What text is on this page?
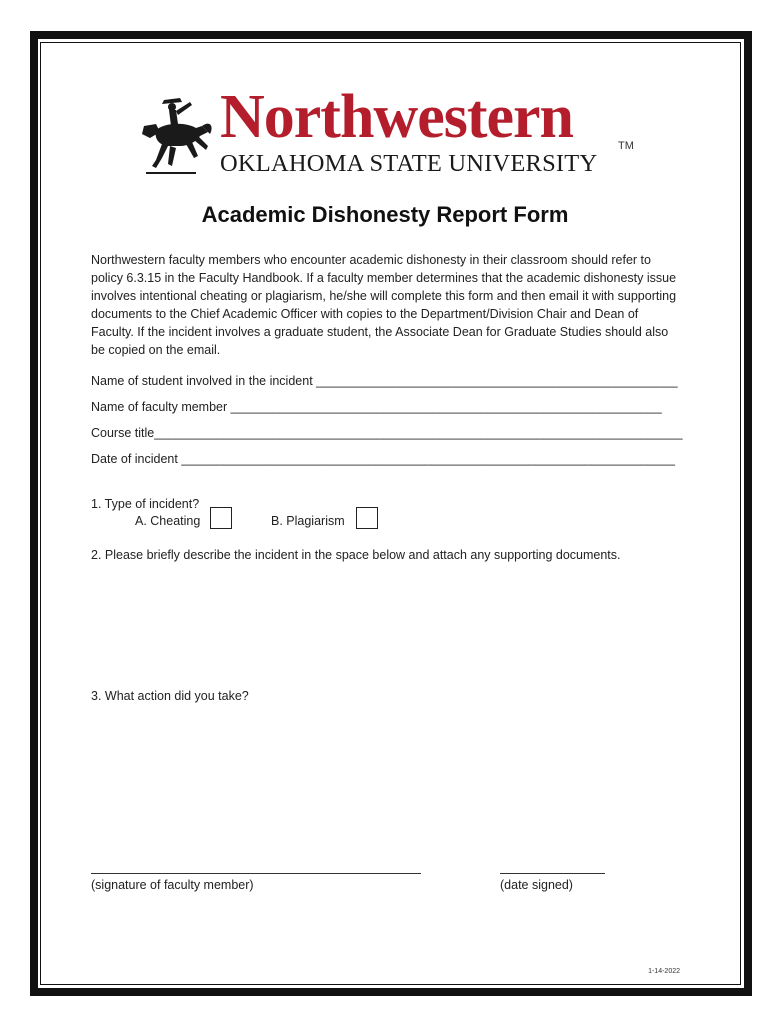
Northwestern	TM
OKLAHOMA STATE UNIVERSITY
Academic Dishonesty Report Form
Northwestern faculty members who encounter academic dishonesty in their classroom should refer to policy 6.3.15 in the Faculty Handbook. If a faculty member determines that the academic dishonesty issue involves intentional cheating or plagiarism, he/she will complete this form and then email it with supporting documents to the Chief Academic Officer with copies to the Department/Division Chair and Dean of Faculty. If the incident involves a graduate student, the Associate Dean for Graduate Studies should also be copied on the email.
Name of student involved in the incident ____________________________________________________
Name of faculty member ______________________________________________________________
Course title____________________________________________________________________________
Date of incident _______________________________________________________________________
1. Type of incident?
A. Cheating	B. Plagiarism
2. Please briefly describe the incident in the space below and attach any supporting documents.
3. What action did you take?
(signature of faculty member)	(date signed)
1-14-2022
